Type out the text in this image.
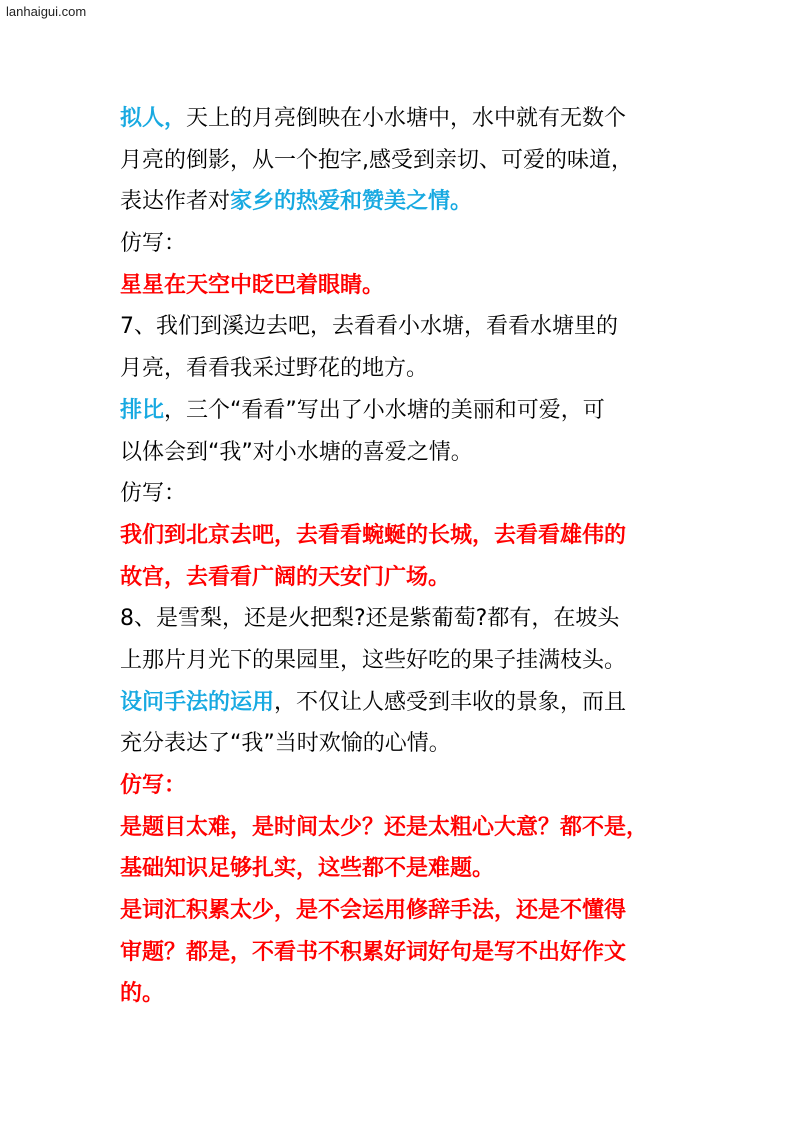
lanhaigui.com
拟人，天上的月亮倒映在小水塘中，水中就有无数个
月亮的倒影，从一个抱字,感受到亲切、可爱的味道，
表达作者对家乡的热爱和赞美之情。
仿写：
星星在天空中眨巴着眼睛。
7、我们到溪边去吧，去看看小水塘，看看水塘里的
月亮，看看我采过野花的地方。
排比，三个“看看”写出了小水塘的美丽和可爱，可
以体会到“我”对小水塘的喜爱之情。
仿写：
我们到北京去吧，去看看蜿蜒的长城，去看看雄伟的
故宫，去看看广阔的天安门广场。
8、是雪梨，还是火把梨?还是紫葡萄?都有，在坡头
上那片月光下的果园里，这些好吃的果子挂满枝头。
设问手法的运用，不仅让人感受到丰收的景象，而且
充分表达了“我”当时欢愉的心情。
仿写：
是题目太难，是时间太少？还是太粗心大意？都不是，
基础知识足够扎实，这些都不是难题。
是词汇积累太少，是不会运用修辞手法，还是不懂得
审题？都是，不看书不积累好词好句是写不出好作文
的。
